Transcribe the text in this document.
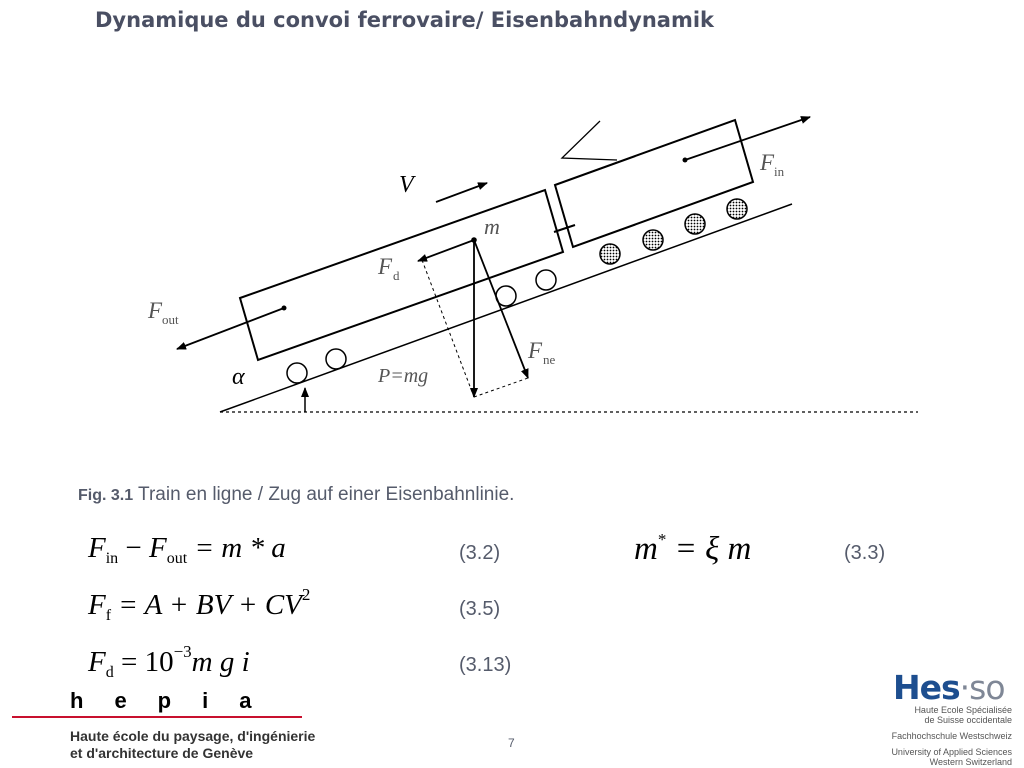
Dynamique du convoi ferrovaire/ Eisenbahndynamik
V
m
α	P=mg
F in
F d
F out
F ne
Fig. 3.1 Train en ligne / Zug auf einer Eisenbahnlinie.
$F_{in} - F_{out} = m * a$	(3.2)	m* = ξ m	(3.3)
$F_f = A$ + BV + $CV^2$
(3.5)
$F_d = 10^{-3}m$ g i	(3.13)
hepia
Haute école du paysage, d'ingénierie
et d'architecture de Genève
7
Hes·so
Haute Ecole Spécialisée
de Suisse occidentale
Fachhochschule Westschweiz
University of Applied Sciences
Western Switzerland
